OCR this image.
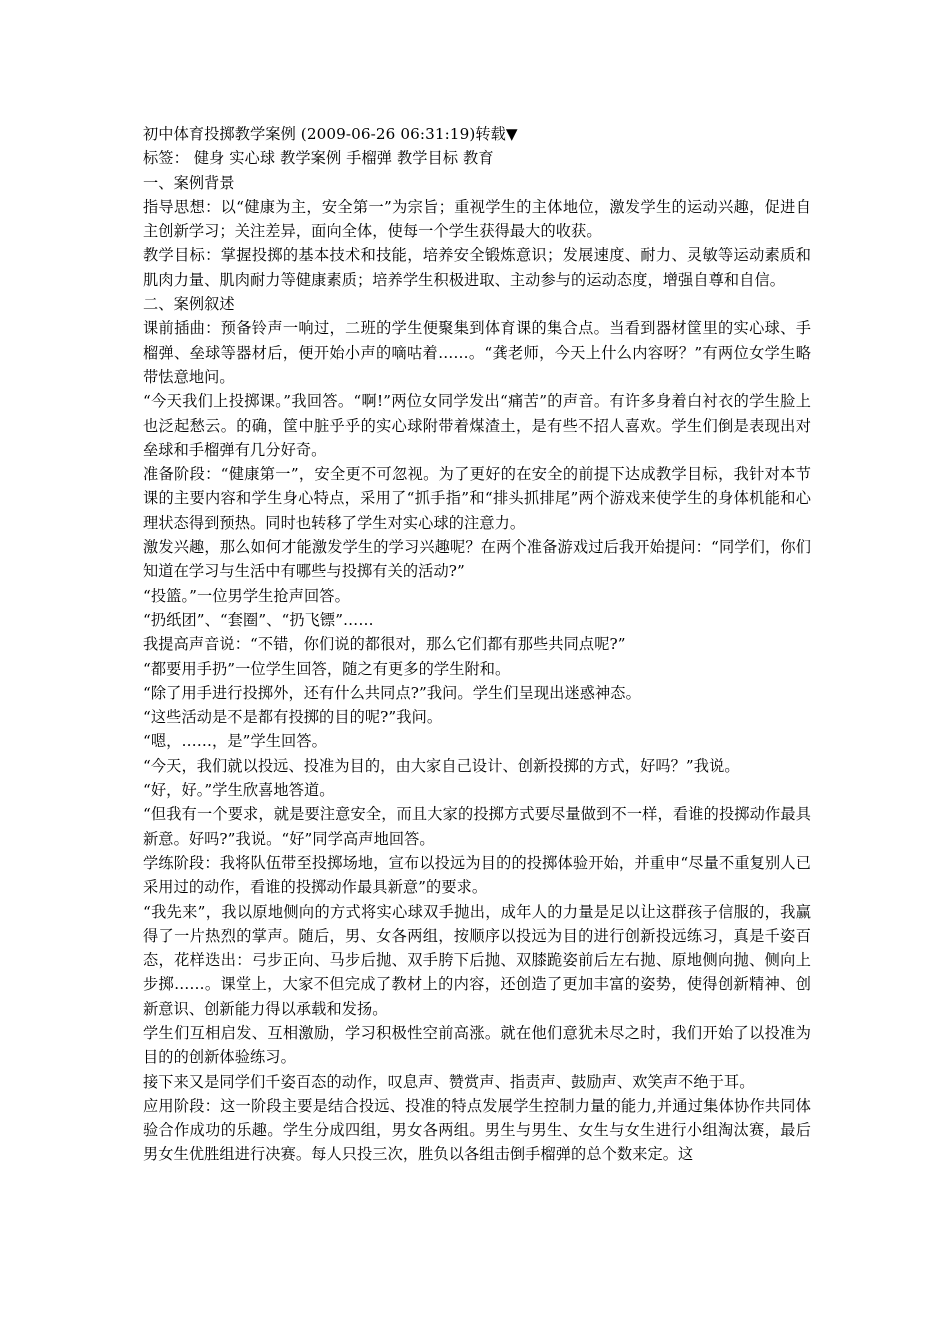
初中体育投掷教学案例 (2009-06-26 06:31:19)转载▼

标签： 健身 实心球 教学案例 手榴弹 教学目标 教育

一、案例背景

指导思想：以“健康为主，安全第一”为宗旨；重视学生的主体地位，激发学生的运动兴趣，促进自主创新学习；关注差异，面向全体，使每一个学生获得最大的收获。

教学目标：掌握投掷的基本技术和技能，培养安全锻炼意识；发展速度、耐力、灵敏等运动素质和肌肉力量、肌肉耐力等健康素质；培养学生积极进取、主动参与的运动态度，增强自尊和自信。

二、案例叙述

课前插曲：预备铃声一响过，二班的学生便聚集到体育课的集合点。当看到器材筐里的实心球、手榴弹、垒球等器材后，便开始小声的嘀咕着……。“龚老师，今天上什么内容呀？”有两位女学生略带怯意地问。

“今天我们上投掷课。”我回答。“啊!”两位女同学发出“痛苦”的声音。有许多身着白衬衣的学生脸上也泛起愁云。的确，筐中脏乎乎的实心球附带着煤渣土，是有些不招人喜欢。学生们倒是表现出对垒球和手榴弹有几分好奇。

准备阶段：“健康第一”，安全更不可忽视。为了更好的在安全的前提下达成教学目标，我针对本节课的主要内容和学生身心特点，采用了“抓手指”和“排头抓排尾”两个游戏来使学生的身体机能和心理状态得到预热。同时也转移了学生对实心球的注意力。

激发兴趣，那么如何才能激发学生的学习兴趣呢？在两个准备游戏过后我开始提问：“同学们，你们知道在学习与生活中有哪些与投掷有关的活动?”

“投篮。”一位男学生抢声回答。

“扔纸团”、“套圈”、“扔飞镖”……

我提高声音说：“不错，你们说的都很对，那么它们都有那些共同点呢?”

“都要用手扔”一位学生回答，随之有更多的学生附和。

“除了用手进行投掷外，还有什么共同点?”我问。学生们呈现出迷惑神态。

“这些活动是不是都有投掷的目的呢?”我问。

“嗯，……，是”学生回答。

“今天，我们就以投远、投准为目的，由大家自己设计、创新投掷的方式，好吗？”我说。

“好，好。”学生欣喜地答道。

“但我有一个要求，就是要注意安全，而且大家的投掷方式要尽量做到不一样，看谁的投掷动作最具新意。好吗?”我说。“好”同学高声地回答。

学练阶段：我将队伍带至投掷场地，宣布以投远为目的的投掷体验开始，并重申“尽量不重复别人已采用过的动作，看谁的投掷动作最具新意”的要求。

“我先来”，我以原地侧向的方式将实心球双手抛出，成年人的力量是足以让这群孩子信服的，我赢得了一片热烈的掌声。随后，男、女各两组，按顺序以投远为目的进行创新投远练习，真是千姿百态，花样迭出：弓步正向、马步后抛、双手胯下后抛、双膝跪姿前后左右抛、原地侧向抛、侧向上步掷……。课堂上，大家不但完成了教材上的内容，还创造了更加丰富的姿势，使得创新精神、创新意识、创新能力得以承载和发扬。

学生们互相启发、互相激励，学习积极性空前高涨。就在他们意犹未尽之时，我们开始了以投准为目的的创新体验练习。

接下来又是同学们千姿百态的动作，叹息声、赞赏声、指责声、鼓励声、欢笑声不绝于耳。

应用阶段：这一阶段主要是结合投远、投准的特点发展学生控制力量的能力,并通过集体协作共同体验合作成功的乐趣。学生分成四组，男女各两组。男生与男生、女生与女生进行小组淘汰赛，最后男女生优胜组进行决赛。每人只投三次，胜负以各组击倒手榴弹的总个数来定。这
